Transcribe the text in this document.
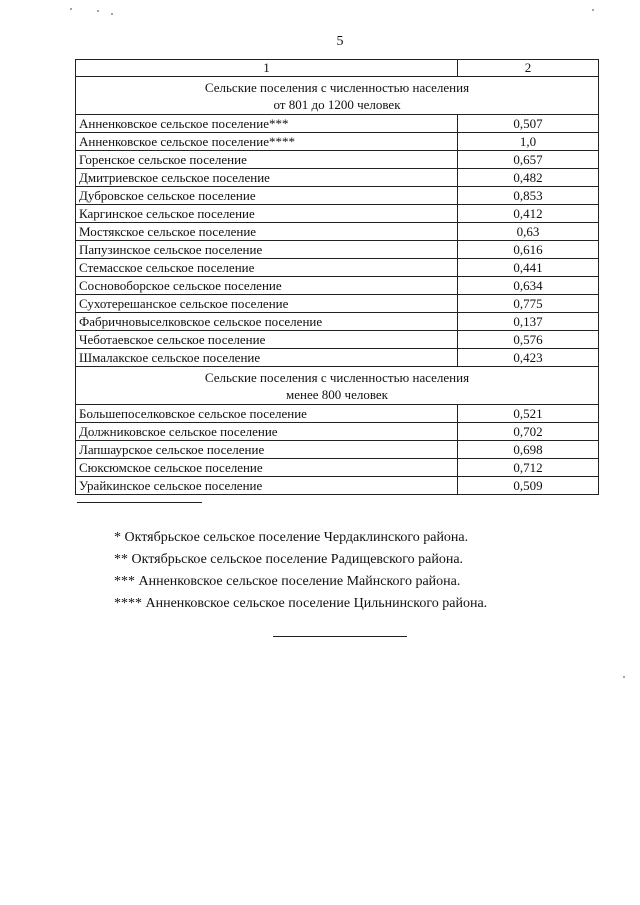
5
1	2

Сельские поселения с численностью населения
от 801 до 1200 человек	

Анненковское сельское поселение***	0,507
Анненковское сельское поселение****	1,0
Горенское сельское поселение	0,657
Дмитриевское сельское поселение	0,482
Дубровское сельское поселение	0,853
Каргинское сельское поселение	0,412
Мостякское сельское поселение	0,63
Папузинское сельское поселение	0,616
Стемасское сельское поселение	0,441
Сосновоборское сельское поселение	0,634
Сухотерешанское сельское поселение	0,775
Фабричновыселковское сельское поселение	0,137
Чеботаевское сельское поселение	0,576
Шмалакское сельское поселение	0,423

Сельские поселения с численностью населения
менее 800 человек	

Большепоселковское сельское поселение	0,521
Должниковское сельское поселение	0,702
Лапшаурское сельское поселение	0,698
Сюксюмское сельское поселение	0,712
Урайкинское сельское поселение	0,509
* Октябрьское сельское поселение Чердаклинского района.
** Октябрьское сельское поселение Радищевского района.
*** Анненковское сельское поселение Майнского района.
**** Анненковское сельское поселение Цильнинского района.
